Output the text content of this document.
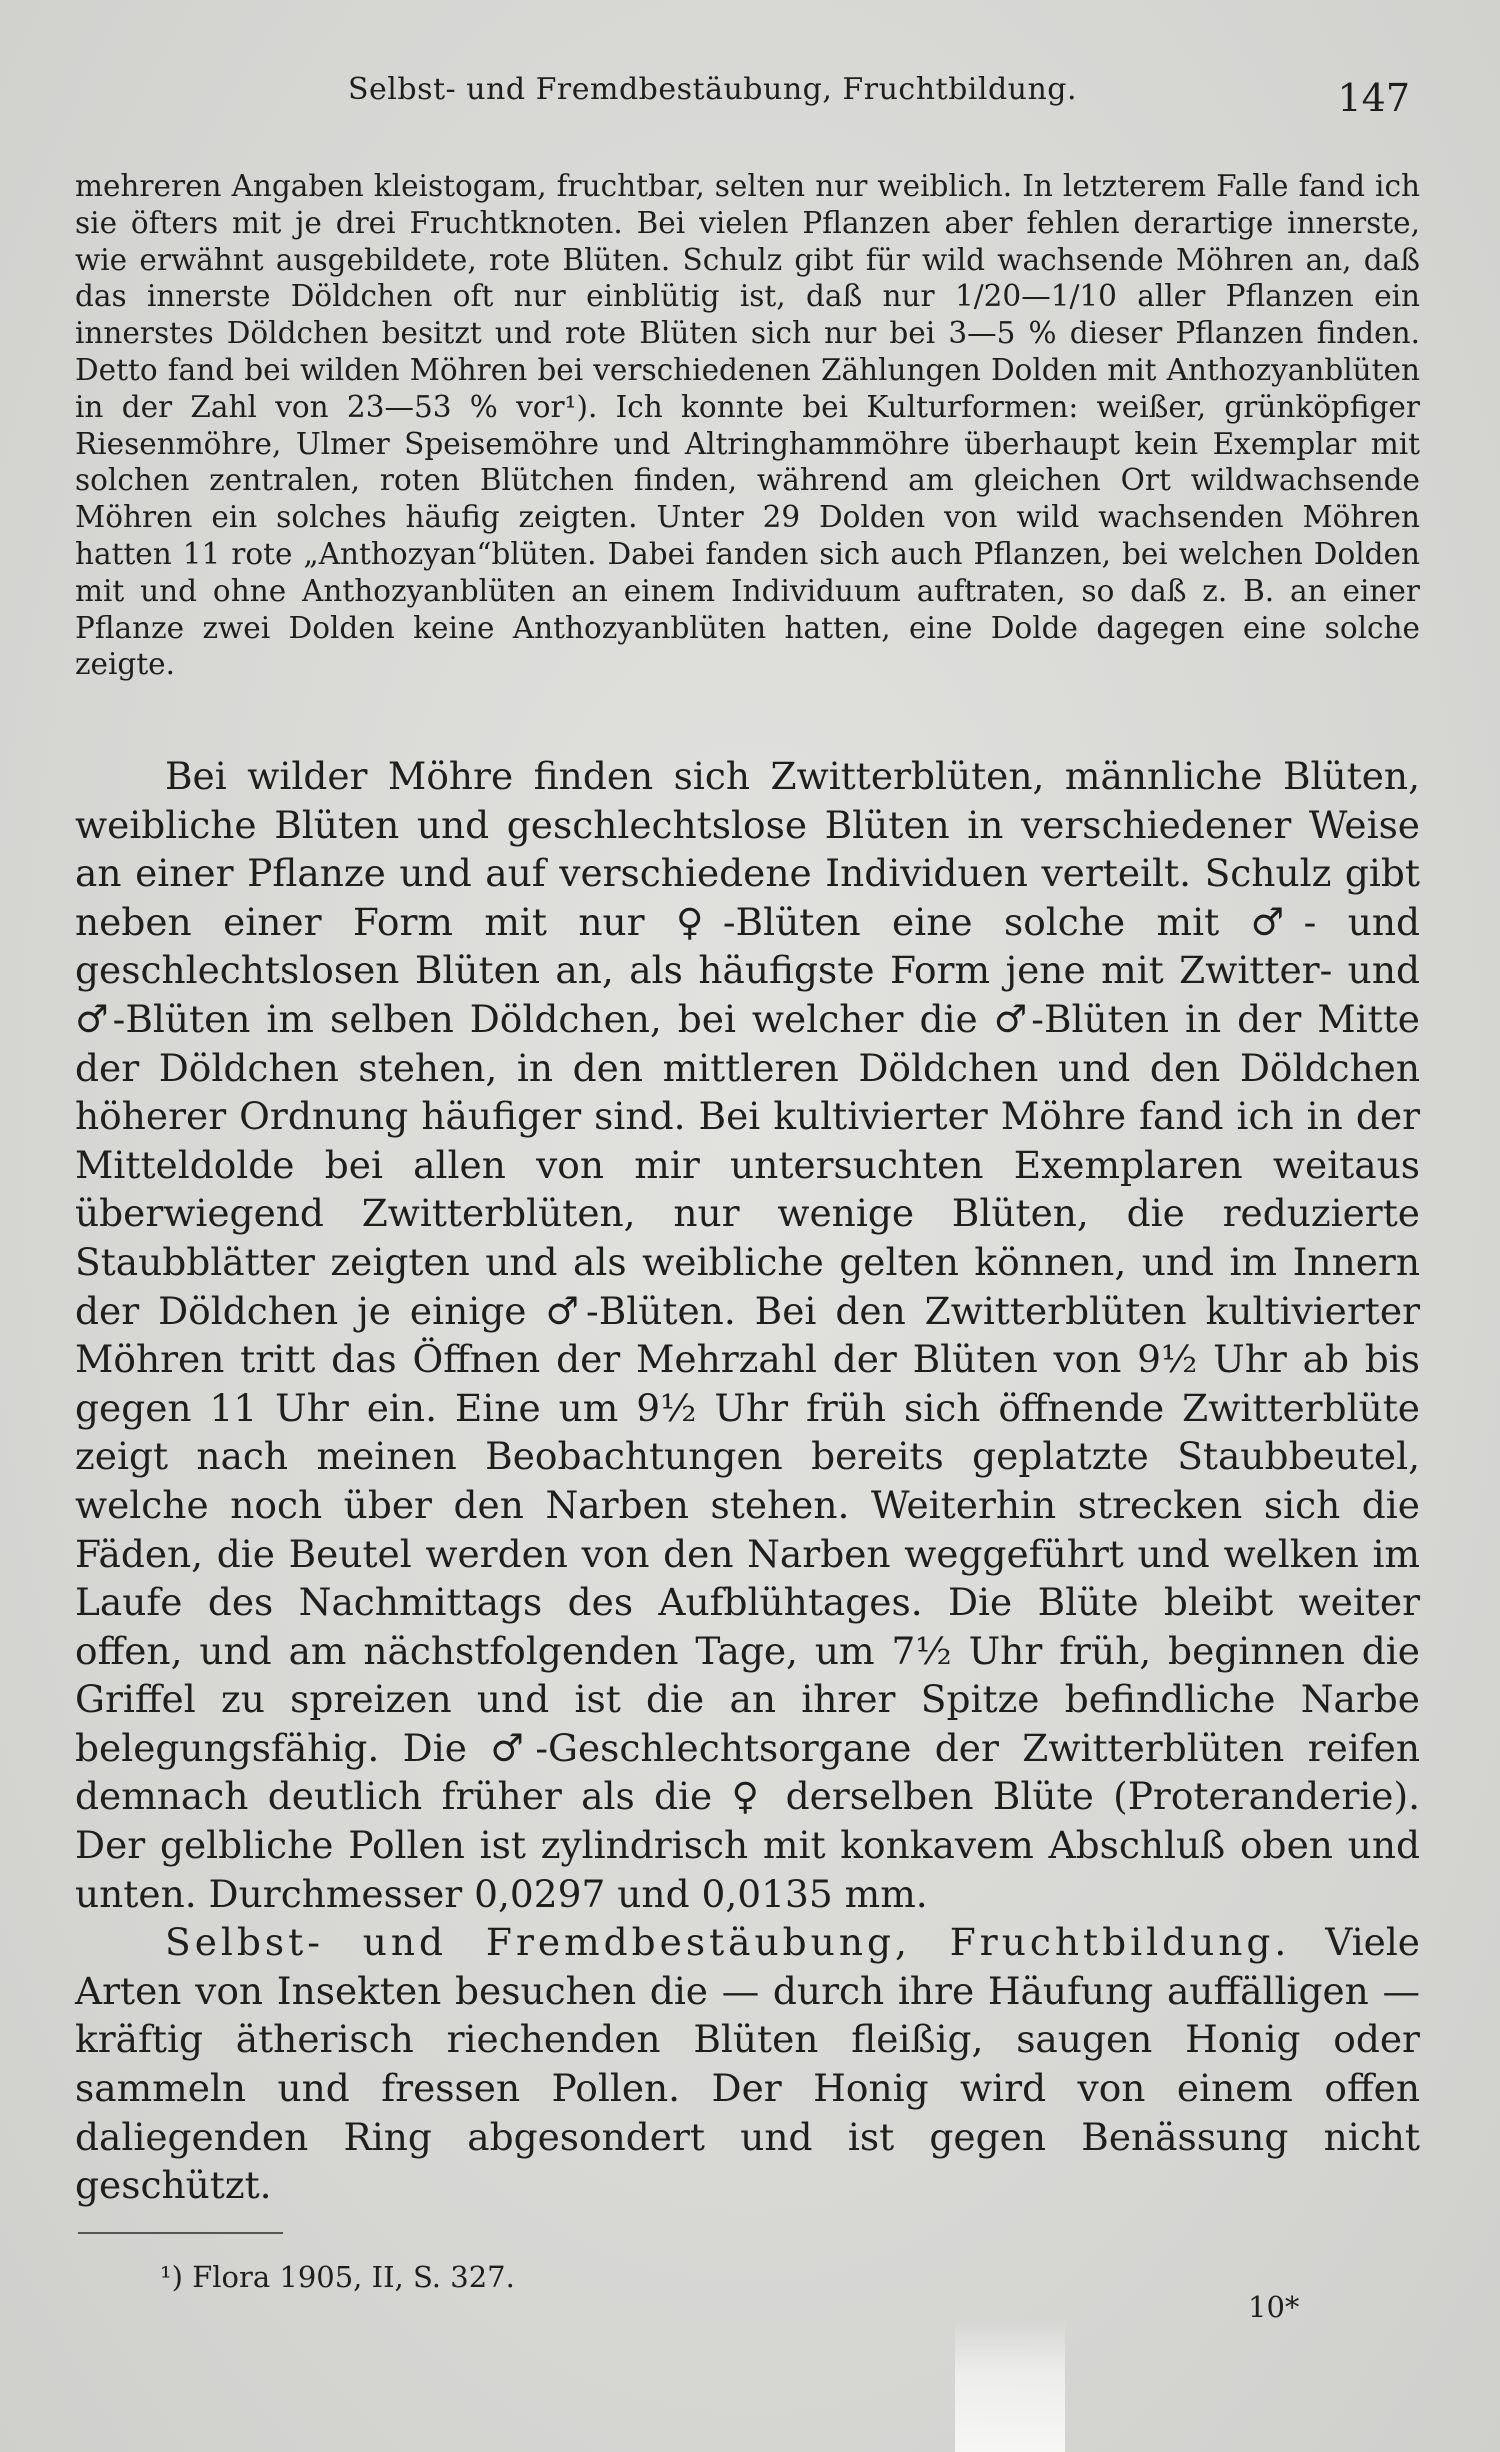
Selbst- und Fremdbestäubung, Fruchtbildung.	147

mehreren Angaben kleistogam, fruchtbar, selten nur weiblich. In letzterem Falle fand ich sie öfters mit je drei Fruchtknoten. Bei vielen Pflanzen aber fehlen derartige innerste, wie erwähnt ausgebildete, rote Blüten. Schulz gibt für wild wachsende Möhren an, daß das innerste Döldchen oft nur einblütig ist, daß nur 1/20—1/10 aller Pflanzen ein innerstes Döldchen besitzt und rote Blüten sich nur bei 3—5 % dieser Pflanzen finden. Detto fand bei wilden Möhren bei verschiedenen Zählungen Dolden mit Anthozyanblüten in der Zahl von 23—53 % vor¹). Ich konnte bei Kulturformen: weißer, grünköpfiger Riesenmöhre, Ulmer Speisemöhre und Altringhammöhre überhaupt kein Exemplar mit solchen zentralen, roten Blütchen finden, während am gleichen Ort wildwachsende Möhren ein solches häufig zeigten. Unter 29 Dolden von wild wachsenden Möhren hatten 11 rote „Anthozyan“blüten. Dabei fanden sich auch Pflanzen, bei welchen Dolden mit und ohne Anthozyanblüten an einem Individuum auftraten, so daß z. B. an einer Pflanze zwei Dolden keine Anthozyanblüten hatten, eine Dolde dagegen eine solche zeigte.

Bei wilder Möhre finden sich Zwitterblüten, männliche Blüten, weibliche Blüten und geschlechtslose Blüten in verschiedener Weise an einer Pflanze und auf verschiedene Individuen verteilt. Schulz gibt neben einer Form mit nur ♀-Blüten eine solche mit ♂- und geschlechtslosen Blüten an, als häufigste Form jene mit Zwitter- und ♂-Blüten im selben Döldchen, bei welcher die ♂-Blüten in der Mitte der Döldchen stehen, in den mittleren Döldchen und den Döldchen höherer Ordnung häufiger sind. Bei kultivierter Möhre fand ich in der Mitteldolde bei allen von mir untersuchten Exemplaren weitaus überwiegend Zwitterblüten, nur wenige Blüten, die reduzierte Staubblätter zeigten und als weibliche gelten können, und im Innern der Döldchen je einige ♂-Blüten. Bei den Zwitterblüten kultivierter Möhren tritt das Öffnen der Mehrzahl der Blüten von 9½ Uhr ab bis gegen 11 Uhr ein. Eine um 9½ Uhr früh sich öffnende Zwitterblüte zeigt nach meinen Beobachtungen bereits geplatzte Staubbeutel, welche noch über den Narben stehen. Weiterhin strecken sich die Fäden, die Beutel werden von den Narben weggeführt und welken im Laufe des Nachmittags des Aufblühtages. Die Blüte bleibt weiter offen, und am nächstfolgenden Tage, um 7½ Uhr früh, beginnen die Griffel zu spreizen und ist die an ihrer Spitze befindliche Narbe belegungsfähig. Die ♂-Geschlechtsorgane der Zwitterblüten reifen demnach deutlich früher als die ♀ derselben Blüte (Proteranderie). Der gelbliche Pollen ist zylindrisch mit konkavem Abschluß oben und unten. Durchmesser 0,0297 und 0,0135 mm.

Selbst- und Fremdbestäubung, Fruchtbildung. Viele Arten von Insekten besuchen die — durch ihre Häufung auffälligen — kräftig ätherisch riechenden Blüten fleißig, saugen Honig oder sammeln und fressen Pollen. Der Honig wird von einem offen daliegenden Ring abgesondert und ist gegen Benässung nicht geschützt.

¹) Flora 1905, II, S. 327.
10*
